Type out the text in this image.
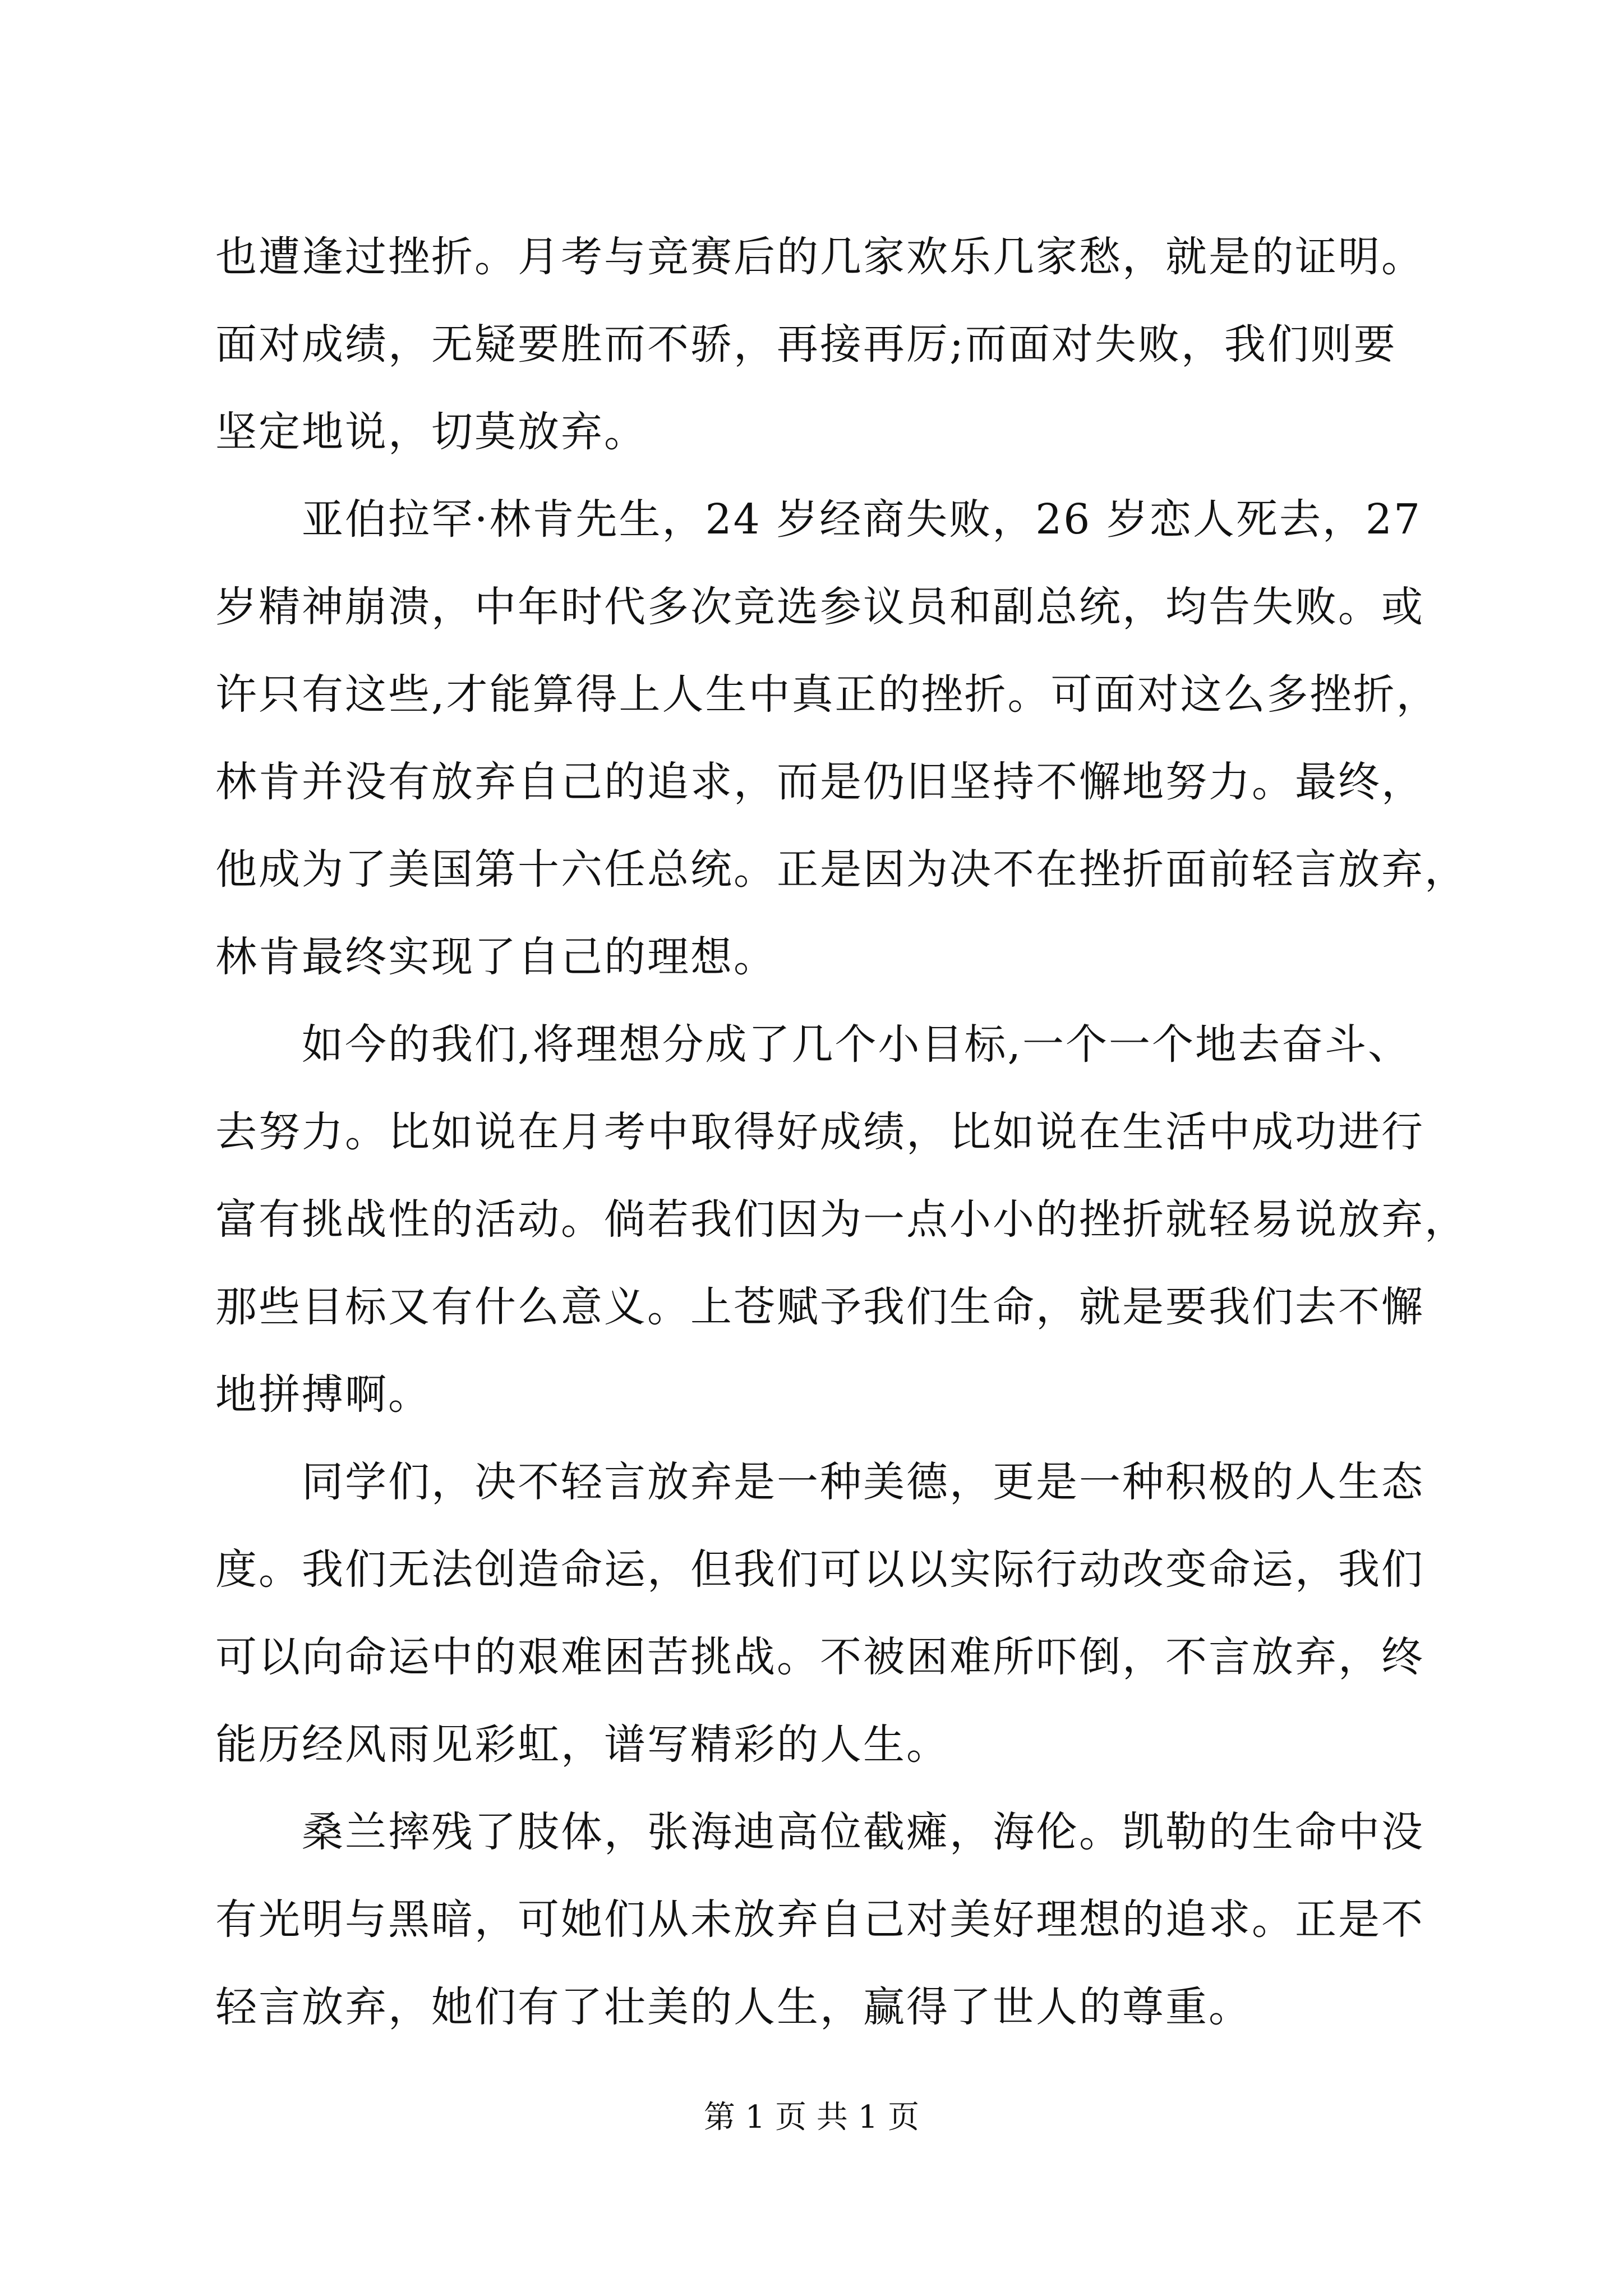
也遭逢过挫折。月考与竞赛后的几家欢乐几家愁，就是的证明。
面对成绩，无疑要胜而不骄，再接再厉;而面对失败，我们则要
坚定地说，切莫放弃。
亚伯拉罕·林肯先生，24 岁经商失败，26 岁恋人死去，27
岁精神崩溃，中年时代多次竞选参议员和副总统，均告失败。或
许只有这些,才能算得上人生中真正的挫折。可面对这么多挫折，
林肯并没有放弃自己的追求，而是仍旧坚持不懈地努力。最终，
他成为了美国第十六任总统。正是因为决不在挫折面前轻言放弃，
林肯最终实现了自己的理想。
如今的我们,将理想分成了几个小目标,一个一个地去奋斗、
去努力。比如说在月考中取得好成绩，比如说在生活中成功进行
富有挑战性的活动。倘若我们因为一点小小的挫折就轻易说放弃，
那些目标又有什么意义。上苍赋予我们生命，就是要我们去不懈
地拼搏啊。
同学们，决不轻言放弃是一种美德，更是一种积极的人生态
度。我们无法创造命运，但我们可以以实际行动改变命运，我们
可以向命运中的艰难困苦挑战。不被困难所吓倒，不言放弃，终
能历经风雨见彩虹，谱写精彩的人生。
桑兰摔残了肢体，张海迪高位截瘫，海伦。凯勒的生命中没
有光明与黑暗，可她们从未放弃自己对美好理想的追求。正是不
轻言放弃，她们有了壮美的人生，赢得了世人的尊重。
第 1 页 共 1 页
